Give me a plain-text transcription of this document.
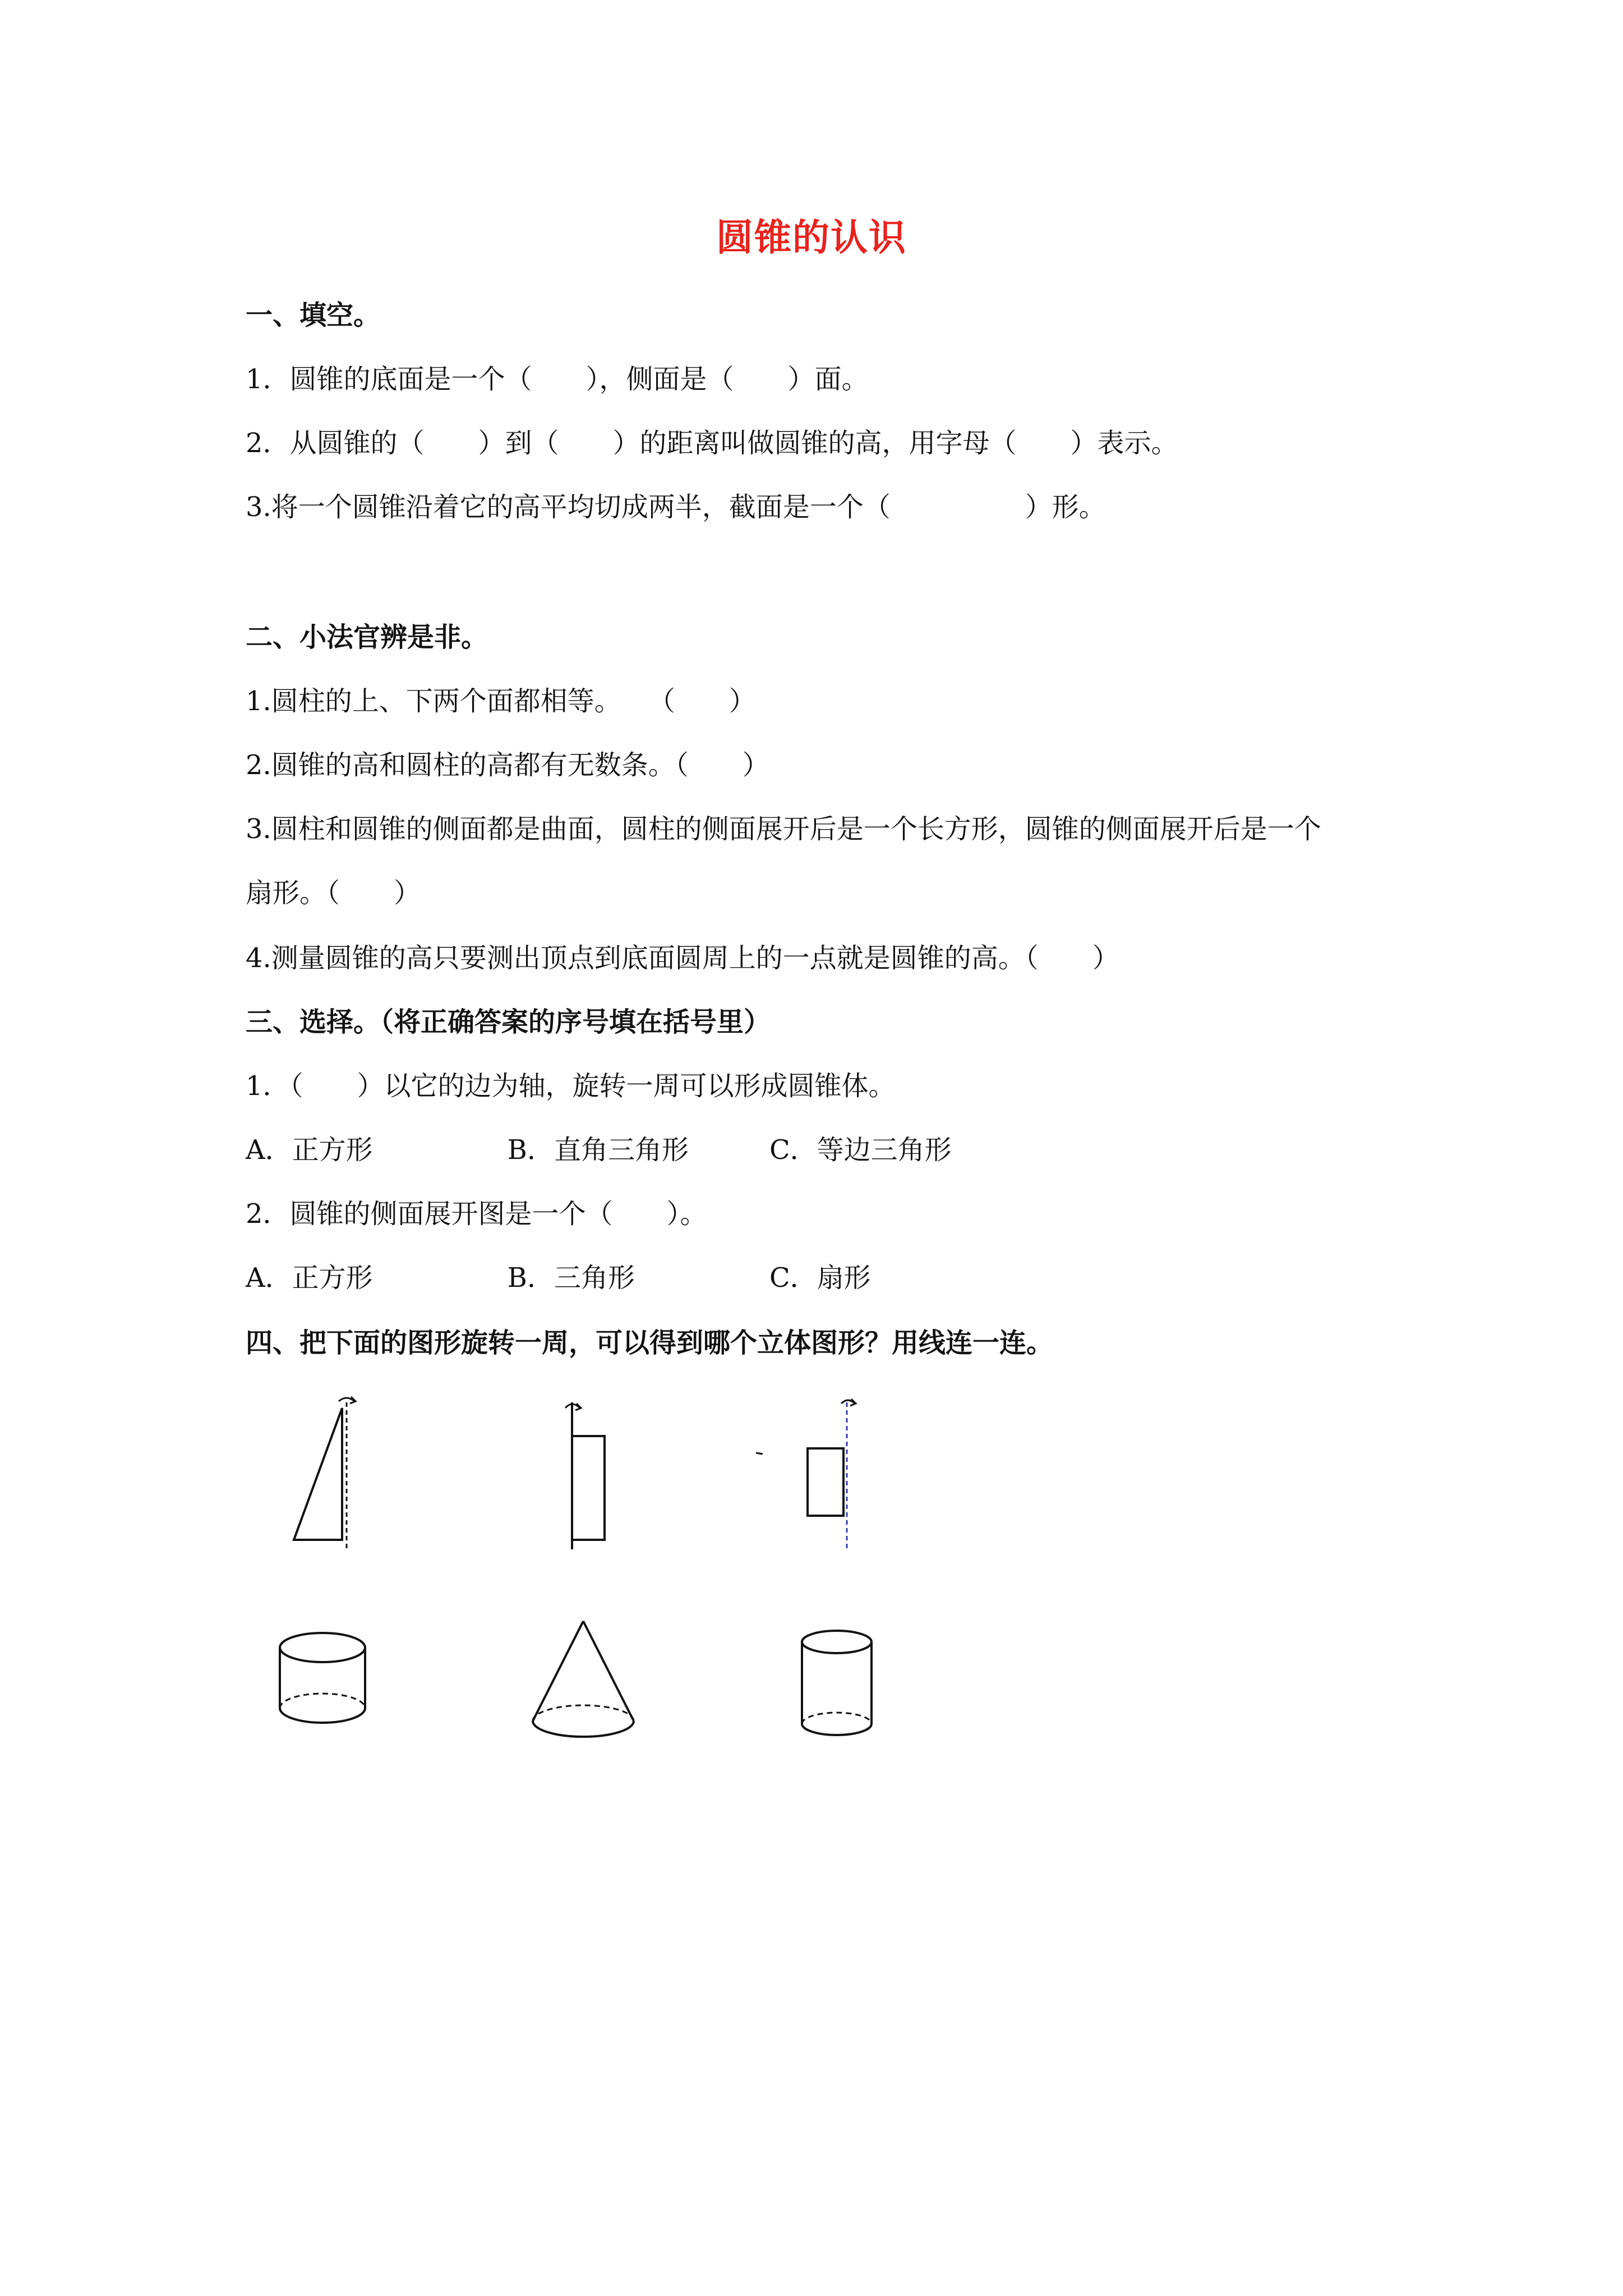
圆锥的认识
一、填空。
1．圆锥的底面是一个（　　），侧面是（　　）面。
2．从圆锥的（　　）到（　　）的距离叫做圆锥的高，用字母（　　）表示。
3.将一个圆锥沿着它的高平均切成两半，截面是一个（　　　　　）形。
二、小法官辨是非。
1.圆柱的上、下两个面都相等。　　（　　）
2.圆锥的高和圆柱的高都有无数条。（　　）
3.圆柱和圆锥的侧面都是曲面，圆柱的侧面展开后是一个长方形，圆锥的侧面展开后是一个
扇形。（　　）
4.测量圆锥的高只要测出顶点到底面圆周上的一点就是圆锥的高。（　　）
三、选择。（将正确答案的序号填在括号里）
1．（　　）以它的边为轴，旋转一周可以形成圆锥体。
A．正方形　　　　　B．直角三角形　　　C．等边三角形
2．圆锥的侧面展开图是一个（　　）。
A．正方形　　　　　B．三角形　　　　　C．扇形
四、把下面的图形旋转一周，可以得到哪个立体图形？用线连一连。
